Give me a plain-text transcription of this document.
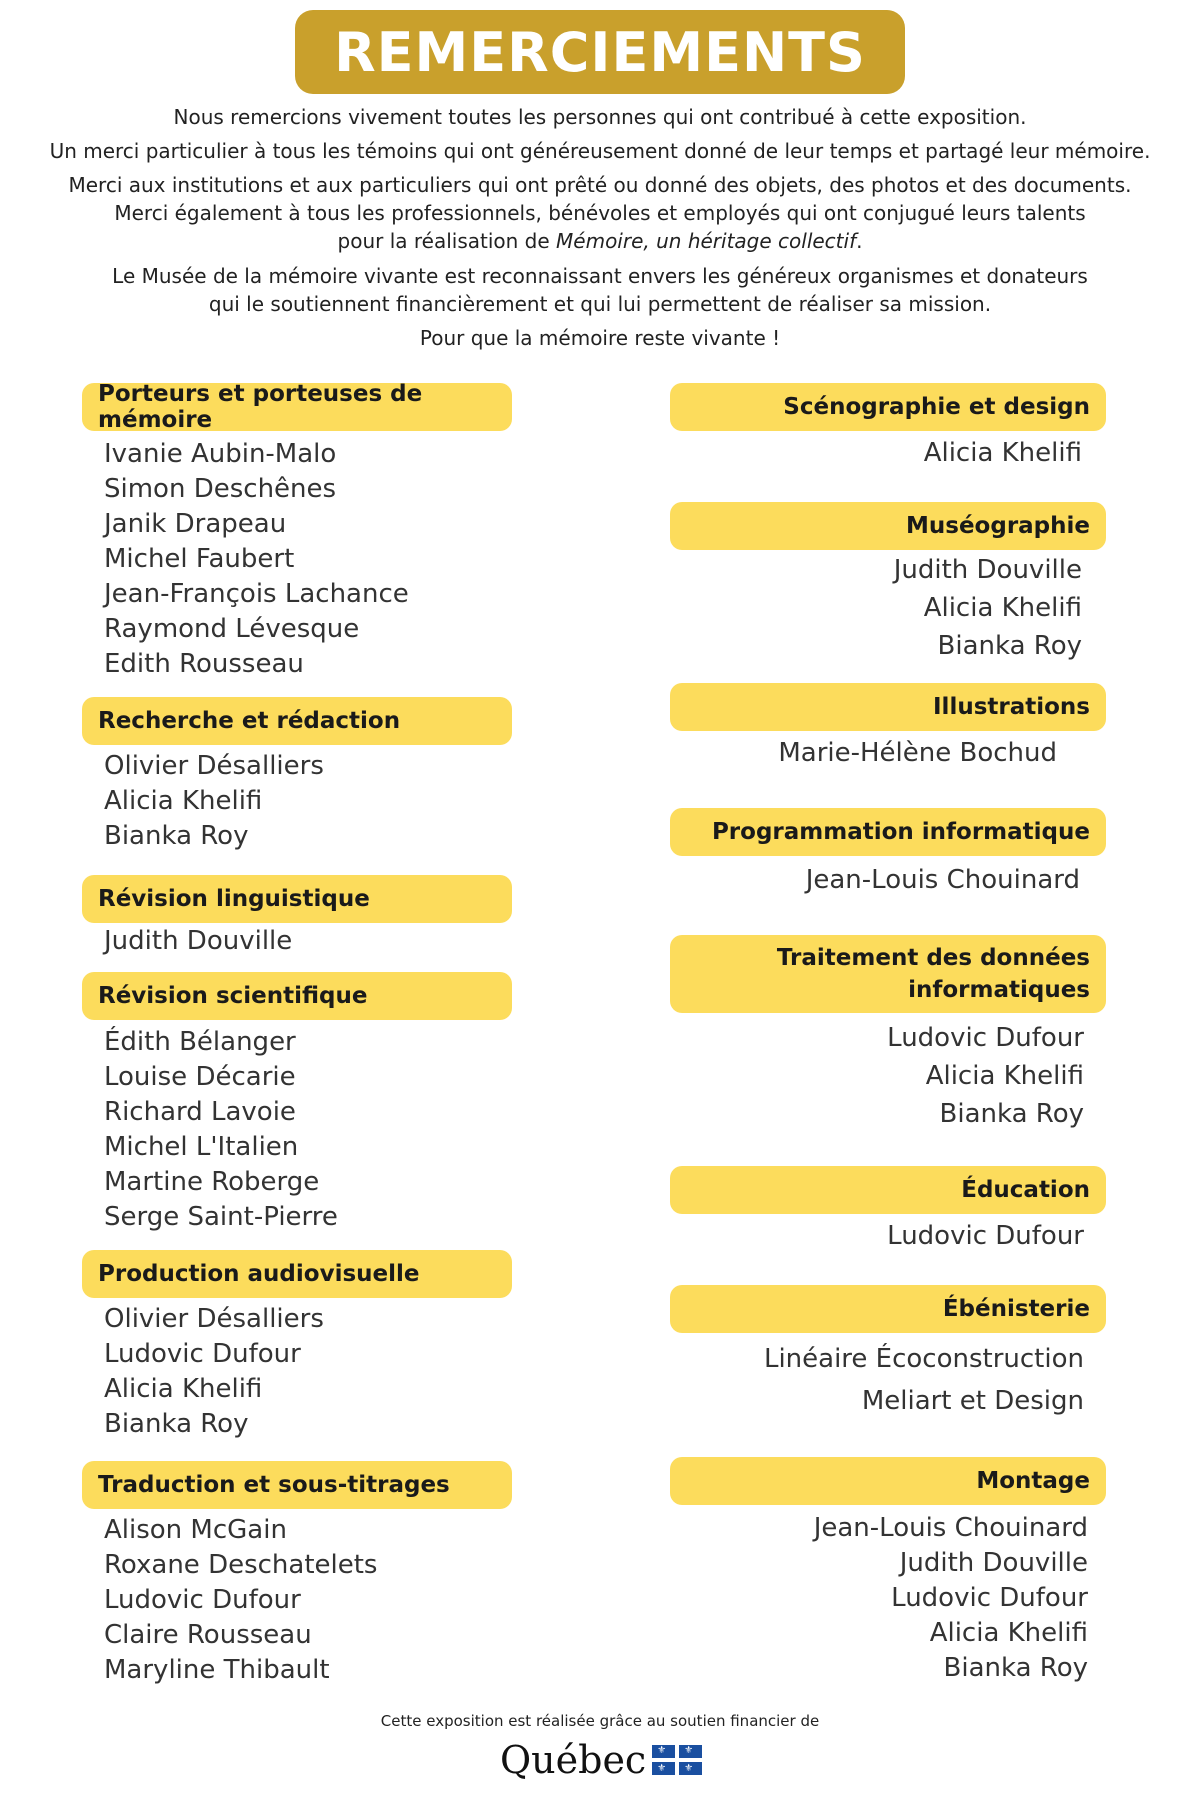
REMERCIEMENTS
Nous remercions vivement toutes les personnes qui ont contribué à cette exposition.
Un merci particulier à tous les témoins qui ont généreusement donné de leur temps et partagé leur mémoire.
Merci aux institutions et aux particuliers qui ont prêté ou donné des objets, des photos et des documents.
Merci également à tous les professionnels, bénévoles et employés qui ont conjugué leurs talents
pour la réalisation de Mémoire, un héritage collectif.
Le Musée de la mémoire vivante est reconnaissant envers les généreux organismes et donateurs
qui le soutiennent financièrement et qui lui permettent de réaliser sa mission.
Pour que la mémoire reste vivante !
Porteurs et porteuses de mémoire
Ivanie Aubin-Malo
Simon Deschênes
Janik Drapeau
Michel Faubert
Jean-François Lachance
Raymond Lévesque
Edith Rousseau
Recherche et rédaction
Olivier Désalliers
Alicia Khelifi
Bianka Roy
Révision linguistique
Judith Douville
Révision scientifique
Édith Bélanger
Louise Décarie
Richard Lavoie
Michel L'Italien
Martine Roberge
Serge Saint-Pierre
Production audiovisuelle
Olivier Désalliers
Ludovic Dufour
Alicia Khelifi
Bianka Roy
Traduction et sous-titrages
Alison McGain
Roxane Deschatelets
Ludovic Dufour
Claire Rousseau
Maryline Thibault
Scénographie et design
Alicia Khelifi
Muséographie
Judith Douville
Alicia Khelifi
Bianka Roy
Illustrations
Marie-Hélène Bochud
Programmation informatique
Jean-Louis Chouinard
Traitement des données
informatiques
Ludovic Dufour
Alicia Khelifi
Bianka Roy
Éducation
Ludovic Dufour
Ébénisterie
Linéaire Écoconstruction
Meliart et Design
Montage
Jean-Louis Chouinard
Judith Douville
Ludovic Dufour
Alicia Khelifi
Bianka Roy
Cette exposition est réalisée grâce au soutien financier de
Québec ⚜ ⚜
⚜ ⚜
